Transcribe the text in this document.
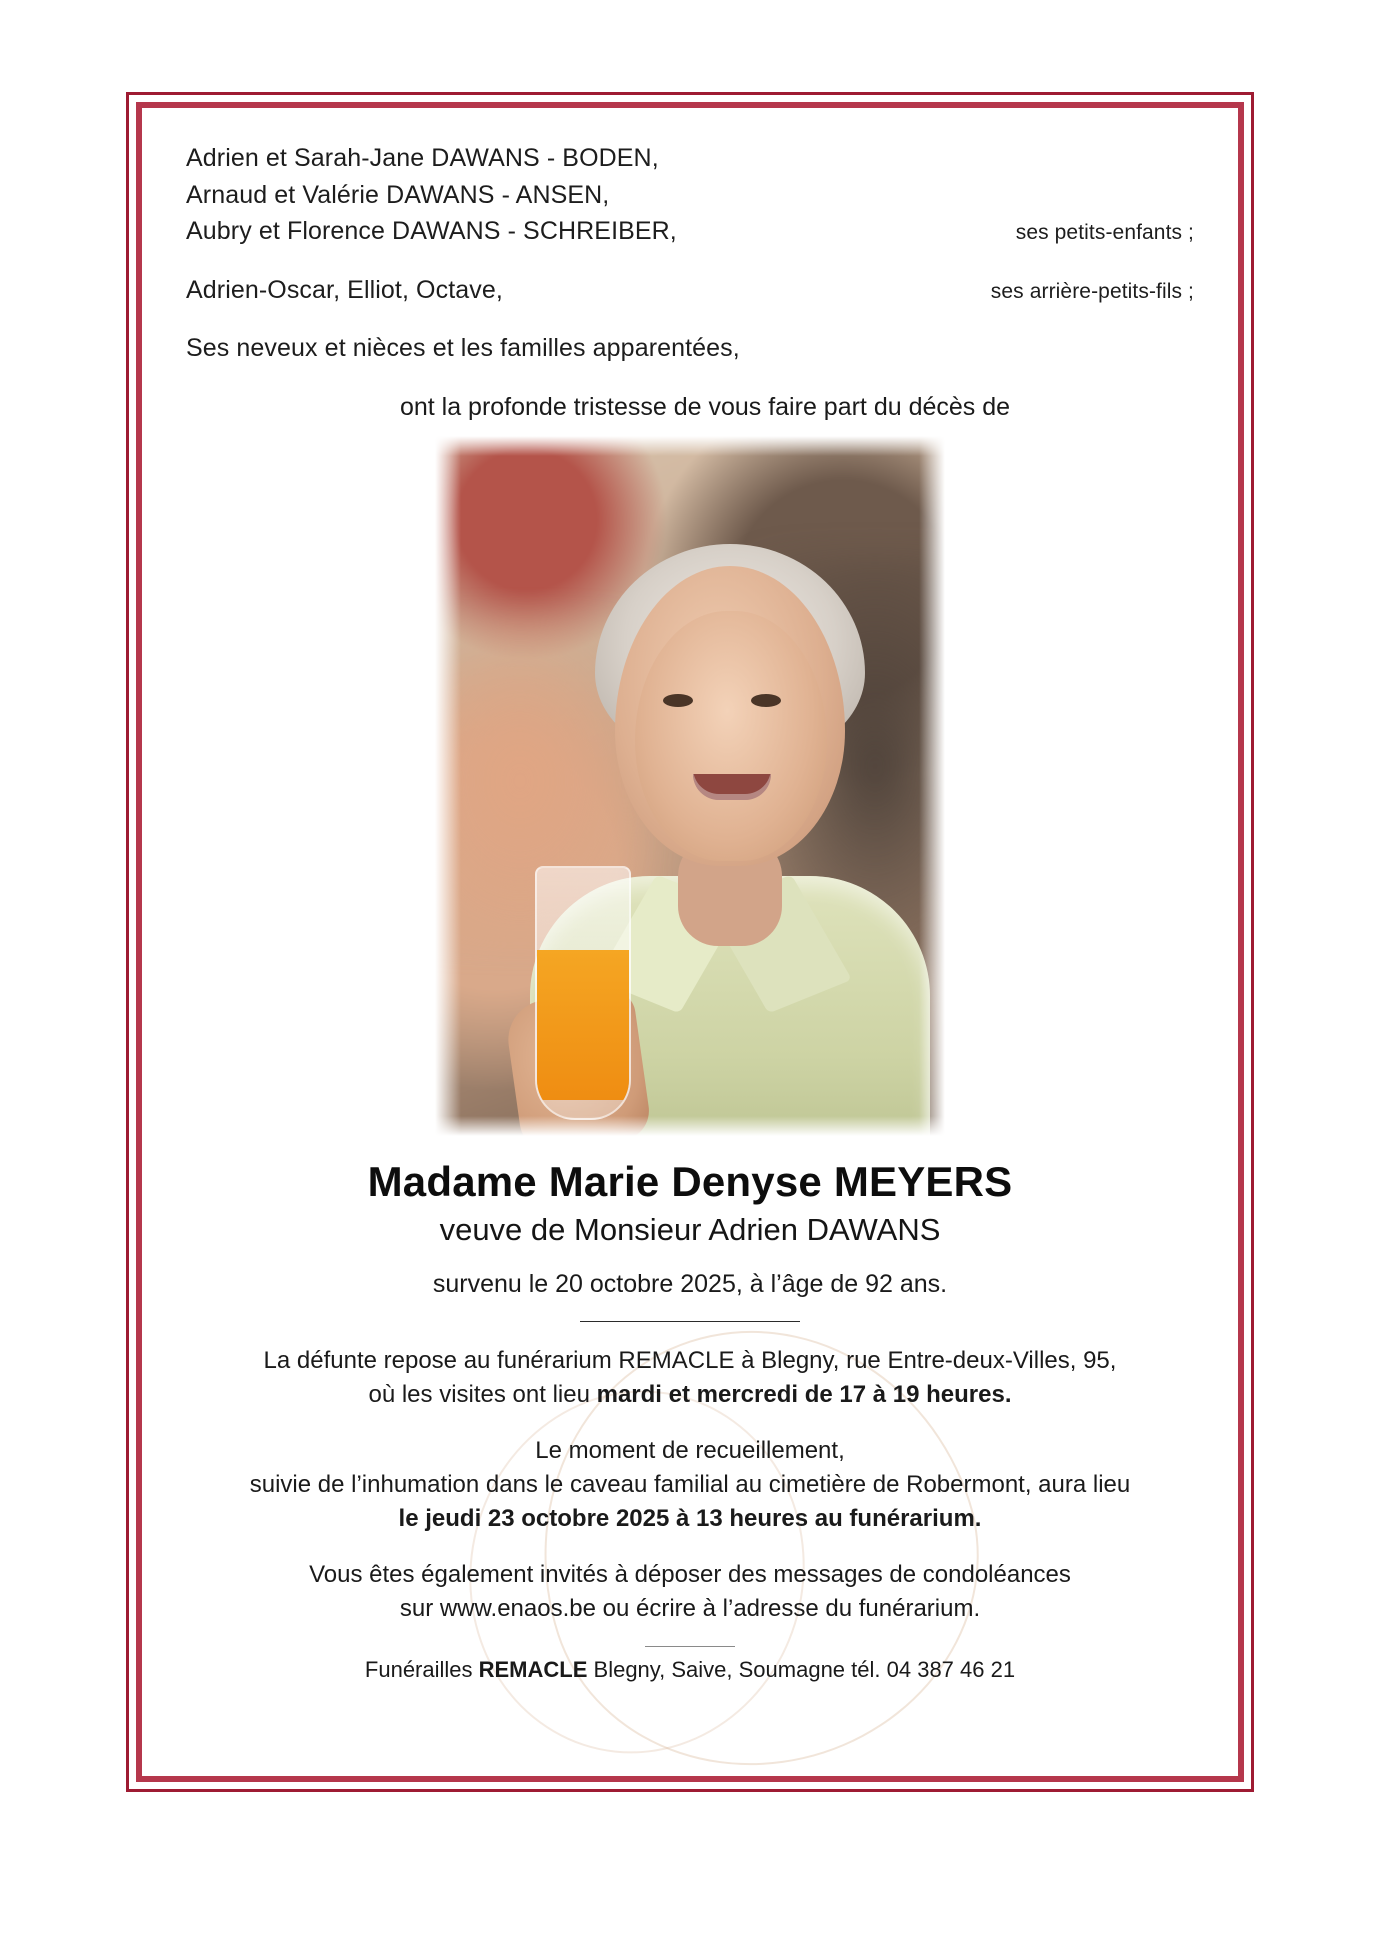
Adrien et Sarah-Jane DAWANS - BODEN,
Arnaud et Valérie DAWANS - ANSEN,
Aubry et Florence DAWANS - SCHREIBER,	ses petits-enfants ;
Adrien-Oscar, Elliot, Octave,	ses arrière-petits-fils ;
Ses neveux et nièces et les familles apparentées,
ont la profonde tristesse de vous faire part du décès de
Madame Marie Denyse MEYERS
veuve de Monsieur Adrien DAWANS
survenu le 20 octobre 2025, à l’âge de 92 ans.
La défunte repose au funérarium REMACLE à Blegny, rue Entre-deux-Villes, 95,
où les visites ont lieu mardi et mercredi de 17 à 19 heures.
Le moment de recueillement,
suivie de l’inhumation dans le caveau familial au cimetière de Robermont, aura lieu
le jeudi 23 octobre 2025 à 13 heures au funérarium.
Vous êtes également invités à déposer des messages de condoléances
sur www.enaos.be ou écrire à l’adresse du funérarium.
Funérailles REMACLE Blegny, Saive, Soumagne tél. 04 387 46 21
